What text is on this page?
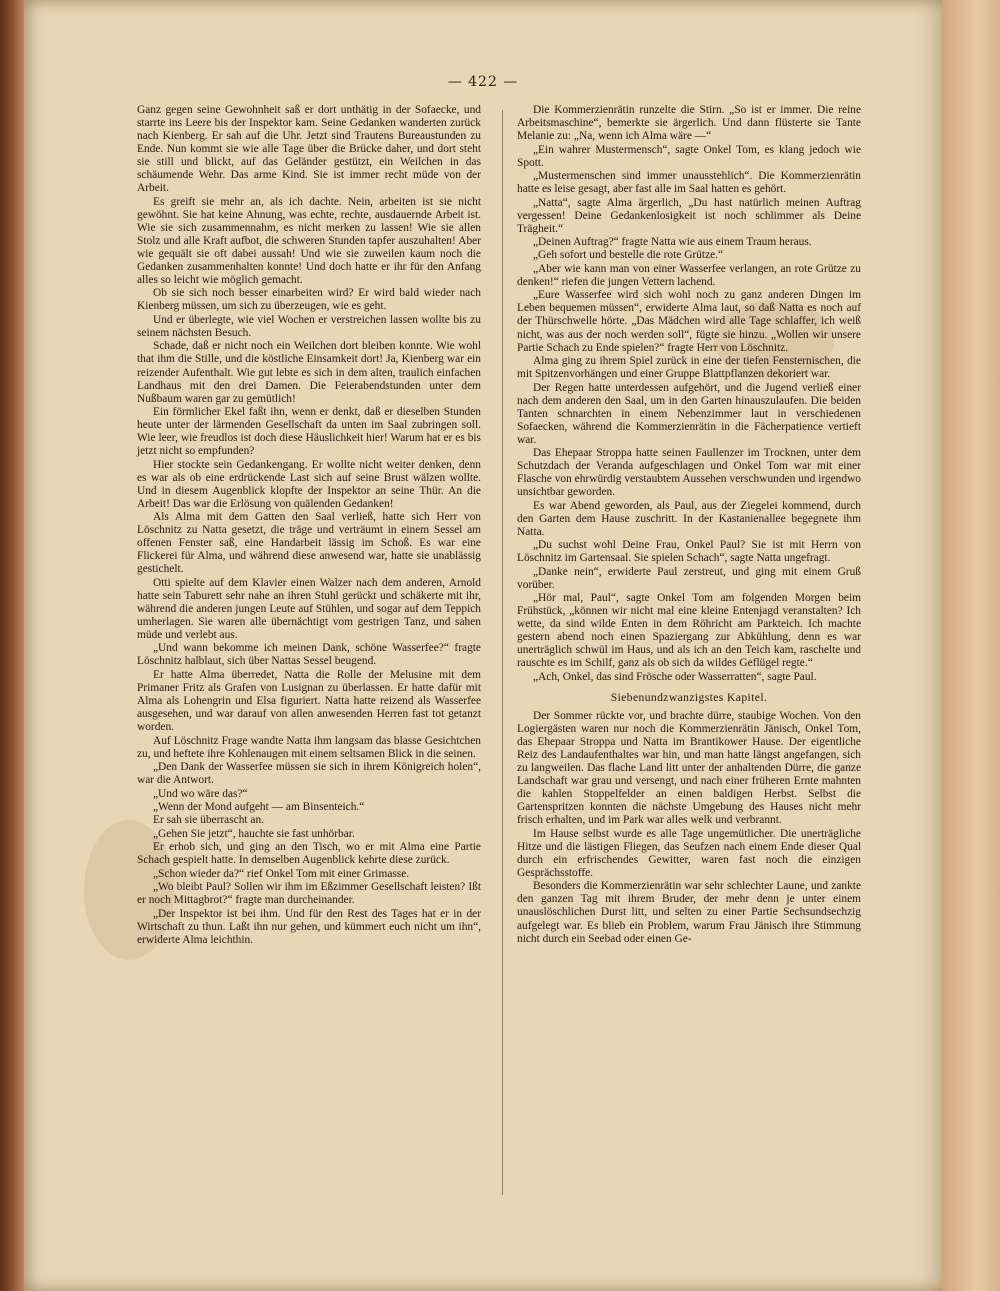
— 422 —

Ganz gegen seine Gewohnheit saß er dort unthätig in der Sofaecke, und starrte ins Leere bis der Inspektor kam. Seine Gedanken wanderten zurück nach Kienberg. Er sah auf die Uhr. Jetzt sind Trautens Bureaustunden zu Ende. Nun kommt sie wie alle Tage über die Brücke daher, und dort steht sie still und blickt, auf das Geländer gestützt, ein Weilchen in das schäumende Wehr. Das arme Kind. Sie ist immer recht müde von der Arbeit.

Es greift sie mehr an, als ich dachte. Nein, arbeiten ist sie nicht gewöhnt. Sie hat keine Ahnung, was echte, rechte, ausdauernde Arbeit ist. Wie sie sich zusammennahm, es nicht merken zu lassen! Wie sie allen Stolz und alle Kraft aufbot, die schweren Stunden tapfer auszuhalten! Aber wie gequält sie oft dabei aussah! Und wie sie zuweilen kaum noch die Gedanken zusammenhalten konnte! Und doch hatte er ihr für den Anfang alles so leicht wie möglich gemacht.

Ob sie sich noch besser einarbeiten wird? Er wird bald wieder nach Kienberg müssen, um sich zu überzeugen, wie es geht.

Und er überlegte, wie viel Wochen er verstreichen lassen wollte bis zu seinem nächsten Besuch.

Schade, daß er nicht noch ein Weilchen dort bleiben konnte. Wie wohl that ihm die Stille, und die köstliche Einsamkeit dort! Ja, Kienberg war ein reizender Aufenthalt. Wie gut lebte es sich in dem alten, traulich einfachen Landhaus mit den drei Damen. Die Feierabendstunden unter dem Nußbaum waren gar zu gemütlich!

Ein förmlicher Ekel faßt ihn, wenn er denkt, daß er dieselben Stunden heute unter der lärmenden Gesellschaft da unten im Saal zubringen soll. Wie leer, wie freudlos ist doch diese Häuslichkeit hier! Warum hat er es bis jetzt nicht so empfunden?

Hier stockte sein Gedankengang. Er wollte nicht weiter denken, denn es war als ob eine erdrückende Last sich auf seine Brust wälzen wollte. Und in diesem Augenblick klopfte der Inspektor an seine Thür. An die Arbeit! Das war die Erlösung von quälenden Gedanken!

Als Alma mit dem Gatten den Saal verließ, hatte sich Herr von Löschnitz zu Natta gesetzt, die träge und verträumt in einem Sessel am offenen Fenster saß, eine Handarbeit lässig im Schoß. Es war eine Flickerei für Alma, und während diese anwesend war, hatte sie unablässig gestichelt.

Otti spielte auf dem Klavier einen Walzer nach dem anderen, Arnold hatte sein Taburett sehr nahe an ihren Stuhl gerückt und schäkerte mit ihr, während die anderen jungen Leute auf Stühlen, und sogar auf dem Teppich umherlagen. Sie waren alle übernächtigt vom gestrigen Tanz, und sahen müde und verlebt aus.

„Und wann bekomme ich meinen Dank, schöne Wasserfee?“ fragte Löschnitz halblaut, sich über Nattas Sessel beugend.

Er hatte Alma überredet, Natta die Rolle der Melusine mit dem Primaner Fritz als Grafen von Lusignan zu überlassen. Er hatte dafür mit Alma als Lohengrin und Elsa figuriert. Natta hatte reizend als Wasserfee ausgesehen, und war darauf von allen anwesenden Herren fast tot getanzt worden.

Auf Löschnitz Frage wandte Natta ihm langsam das blasse Gesichtchen zu, und heftete ihre Kohlenaugen mit einem seltsamen Blick in die seinen.

„Den Dank der Wasserfee müssen sie sich in ihrem Königreich holen“, war die Antwort.

„Und wo wäre das?“

„Wenn der Mond aufgeht — am Binsenteich.“

Er sah sie überrascht an.

„Gehen Sie jetzt“, hauchte sie fast unhörbar.

Er erhob sich, und ging an den Tisch, wo er mit Alma eine Partie Schach gespielt hatte. In demselben Augenblick kehrte diese zurück.

„Schon wieder da?“ rief Onkel Tom mit einer Grimasse.

„Wo bleibt Paul? Sollen wir ihm im Eßzimmer Gesellschaft leisten? Ißt er noch Mittagbrot?“ fragte man durcheinander.

„Der Inspektor ist bei ihm. Und für den Rest des Tages hat er in der Wirtschaft zu thun. Laßt ihn nur gehen, und kümmert euch nicht um ihn“, erwiderte Alma leichthin.

Die Kommerzienrätin runzelte die Stirn. „So ist er immer. Die reine Arbeitsmaschine“, bemerkte sie ärgerlich. Und dann flüsterte sie Tante Melanie zu: „Na, wenn ich Alma wäre —“

„Ein wahrer Mustermensch“, sagte Onkel Tom, es klang jedoch wie Spott.

„Mustermenschen sind immer unausstehlich“. Die Kommerzienrätin hatte es leise gesagt, aber fast alle im Saal hatten es gehört.

„Natta“, sagte Alma ärgerlich, „Du hast natürlich meinen Auftrag vergessen! Deine Gedankenlosigkeit ist noch schlimmer als Deine Trägheit.“

„Deinen Auftrag?“ fragte Natta wie aus einem Traum heraus.

„Geh sofort und bestelle die rote Grütze.“

„Aber wie kann man von einer Wasserfee verlangen, an rote Grütze zu denken!“ riefen die jungen Vettern lachend.

„Eure Wasserfee wird sich wohl noch zu ganz anderen Dingen im Leben bequemen müssen“, erwiderte Alma laut, so daß Natta es noch auf der Thürschwelle hörte. „Das Mädchen wird alle Tage schlaffer, ich weiß nicht, was aus der noch werden soll“, fügte sie hinzu. „Wollen wir unsere Partie Schach zu Ende spielen?“ fragte Herr von Löschnitz.

Alma ging zu ihrem Spiel zurück in eine der tiefen Fensternischen, die mit Spitzenvorhängen und einer Gruppe Blattpflanzen dekoriert war.

Der Regen hatte unterdessen aufgehört, und die Jugend verließ einer nach dem anderen den Saal, um in den Garten hinauszulaufen. Die beiden Tanten schnarchten in einem Nebenzimmer laut in verschiedenen Sofaecken, während die Kommerzienrätin in die Fächerpatience vertieft war.

Das Ehepaar Stroppa hatte seinen Faullenzer im Trocknen, unter dem Schutzdach der Veranda aufgeschlagen und Onkel Tom war mit einer Flasche von ehrwürdig verstaubtem Aussehen verschwunden und irgendwo unsichtbar geworden.

Es war Abend geworden, als Paul, aus der Ziegelei kommend, durch den Garten dem Hause zuschritt. In der Kastanienallee begegnete ihm Natta.

„Du suchst wohl Deine Frau, Onkel Paul? Sie ist mit Herrn von Löschnitz im Gartensaal. Sie spielen Schach“, sagte Natta ungefragt.

„Danke nein“, erwiderte Paul zerstreut, und ging mit einem Gruß vorüber.

„Hör mal, Paul“, sagte Onkel Tom am folgenden Morgen beim Frühstück, „können wir nicht mal eine kleine Entenjagd veranstalten? Ich wette, da sind wilde Enten in dem Röhricht am Parkteich. Ich machte gestern abend noch einen Spaziergang zur Abkühlung, denn es war unerträglich schwül im Haus, und als ich an den Teich kam, raschelte und rauschte es im Schilf, ganz als ob sich da wildes Geflügel regte.“

„Ach, Onkel, das sind Frösche oder Wasserratten“, sagte Paul.

Siebenundzwanzigstes Kapitel.

Der Sommer rückte vor, und brachte dürre, staubige Wochen. Von den Logiergästen waren nur noch die Kommerzienrätin Jänisch, Onkel Tom, das Ehepaar Stroppa und Natta im Brantikower Hause. Der eigentliche Reiz des Landaufenthaltes war hin, und man hatte längst angefangen, sich zu langweilen. Das flache Land litt unter der anhaltenden Dürre, die ganze Landschaft war grau und versengt, und nach einer früheren Ernte mahnten die kahlen Stoppelfelder an einen baldigen Herbst. Selbst die Gartenspritzen konnten die nächste Umgebung des Hauses nicht mehr frisch erhalten, und im Park war alles welk und verbrannt.

Im Hause selbst wurde es alle Tage ungemütlicher. Die unerträgliche Hitze und die lästigen Fliegen, das Seufzen nach einem Ende dieser Qual durch ein erfrischendes Gewitter, waren fast noch die einzigen Gesprächsstoffe.

Besonders die Kommerzienrätin war sehr schlechter Laune, und zankte den ganzen Tag mit ihrem Bruder, der mehr denn je unter einem unauslöschlichen Durst litt, und selten zu einer Partie Sechsundsechzig aufgelegt war. Es blieb ein Problem, warum Frau Jänisch ihre Stimmung nicht durch ein Seebad oder einen Ge-
